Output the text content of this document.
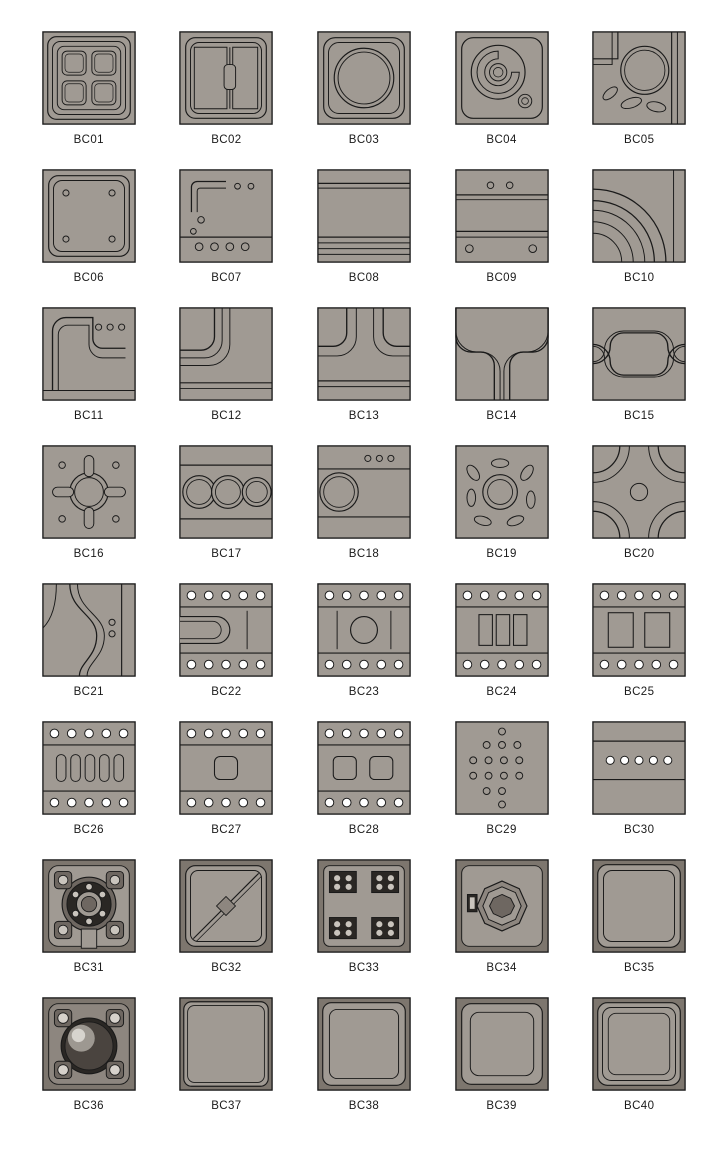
BC01	BC02	BC03	BC04	BC05
BC06	BC07	BC08	BC09	BC10
BC11	BC12	BC13	BC14	BC15
BC16	BC17	BC18	BC19	BC20
BC21	BC22	BC23	BC24	BC25
BC26	BC27	BC28	BC29	BC30
BC31	BC32	BC33	BC34	BC35
BC36	BC37	BC38	BC39	BC40
